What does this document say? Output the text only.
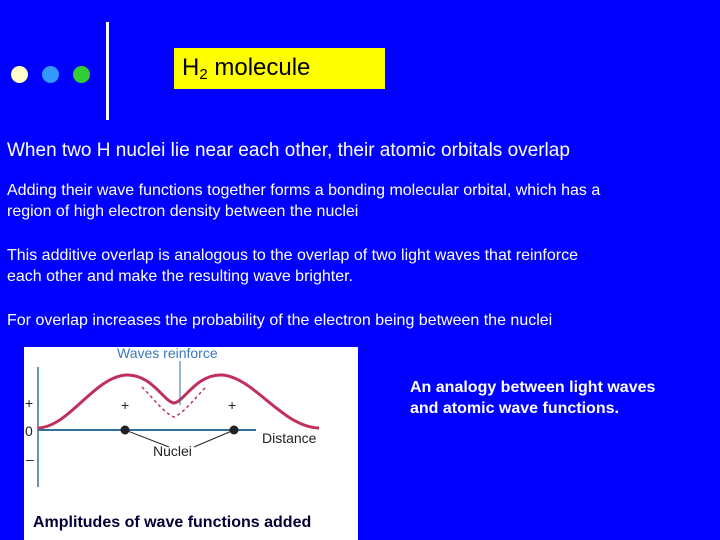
$H_2$ molecule
When two H nuclei lie near each other, their atomic orbitals overlap
Adding their wave functions together forms a bonding molecular orbital, which has a
region of high electron density between the nuclei
This additive overlap is analogous to the overlap of two light waves that reinforce
each other and make the resulting wave brighter.
For overlap increases the probability of the electron being between the nuclei
Waves reinforce
+
0
–
+	+
Distance
Nuclei
An analogy between light waves
and atomic wave functions.
Amplitudes of wave functions added
